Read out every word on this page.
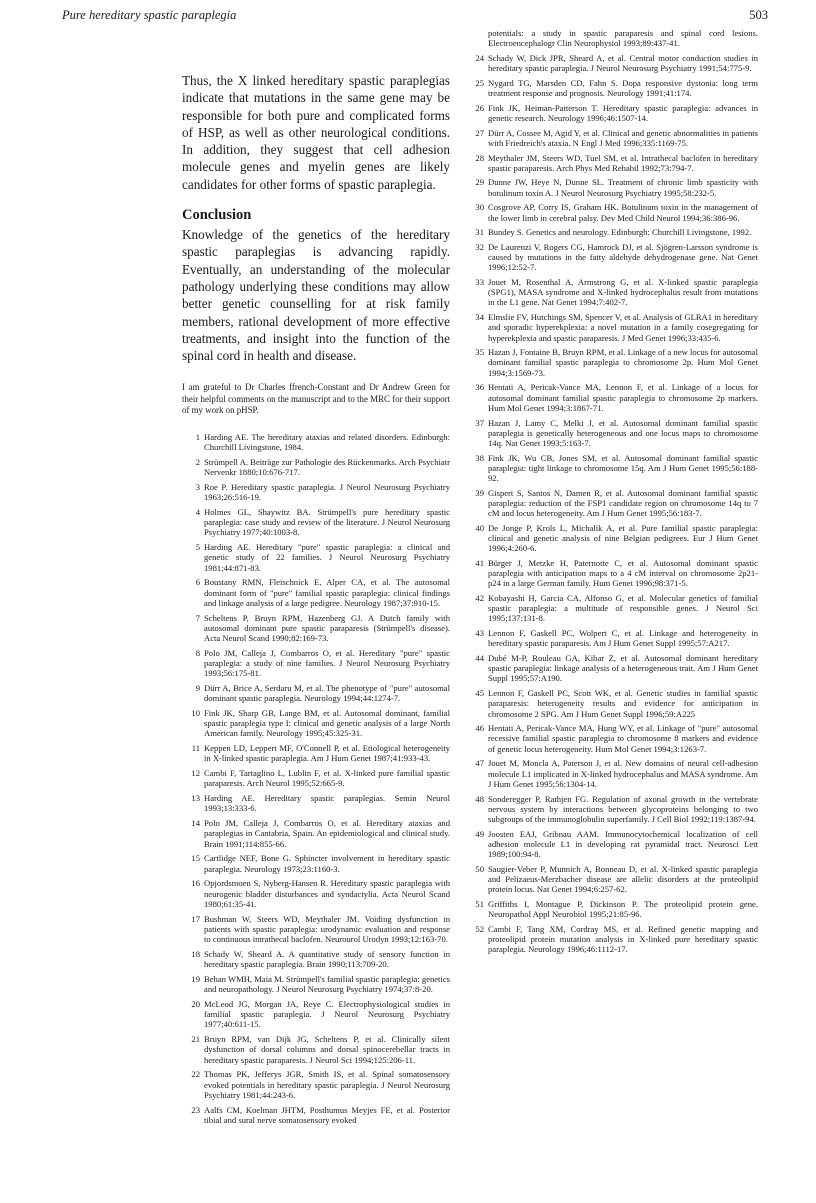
Pure hereditary spastic paraplegia	503

Thus, the X linked hereditary spastic paraplegias indicate that mutations in the same gene may be responsible for both pure and complicated forms of HSP, as well as other neurological conditions. In addition, they suggest that cell adhesion molecule genes and myelin genes are likely candidates for other forms of spastic paraplegia.

Conclusion

Knowledge of the genetics of the hereditary spastic paraplegias is advancing rapidly. Eventually, an understanding of the molecular pathology underlying these conditions may allow better genetic counselling for at risk family members, rational development of more effective treatments, and insight into the function of the spinal cord in health and disease.

I am grateful to Dr Charles ffrench-Constant and Dr Andrew Green for their helpful comments on the manuscript and to the MRC for their support of my work on pHSP.

1 Harding AE. The hereditary ataxias and related disorders. Edinburgh: Churchill Livingstone, 1984.
2 Strümpell A. Beiträge zur Pathologie des Rückenmarks. Arch Psychiatr Nervenkr 1880;10:676-717.
3 Roe P. Hereditary spastic paraplegia. J Neurol Neurosurg Psychiatry 1963;26:516-19.
4 Holmes GL, Shaywitz BA. Strümpell's pure hereditary spastic paraplegia: case study and review of the literature. J Neurol Neurosurg Psychiatry 1977;40:1003-8.
5 Harding AE. Hereditary "pure" spastic paraplegia: a clinical and genetic study of 22 families. J Neurol Neurosurg Psychiatry 1981;44:871-83.
6 Boustany RMN, Fleischnick E, Alper CA, et al. The autosomal dominant form of "pure" familial spastic paraplegia: clinical findings and linkage analysis of a large pedigree. Neurology 1987;37:910-15.
7 Scheltens P, Bruyn RPM, Hazenberg GJ. A Dutch family with autosomal dominant pure spastic paraparesis (Strümpell's disease). Acta Neurol Scand 1990;82:169-73.
8 Polo JM, Calleja J, Combarros O, et al. Hereditary "pure" spastic paraplegia: a study of nine families. J Neurol Neurosurg Psychiatry 1993;56:175-81.
9 Dürr A, Brice A, Serdaru M, et al. The phenotype of "pure" autosomal dominant spastic paraplegia. Neurology 1994;44:1274-7.
10 Fink JK, Sharp GB, Lange BM, et al. Autosomal dominant, familial spastic paraplegia type I: clinical and genetic analysis of a large North American family. Neurology 1995;45:325-31.
11 Keppen LD, Leppert MF, O'Connell P, et al. Etiological heterogeneity in X-linked spastic paraplegia. Am J Hum Genet 1987;41:933-43.
12 Cambi F, Tartaglino L, Lublin F, et al. X-linked pure familial spastic paraparesis. Arch Neurol 1995;52:665-9.
13 Harding AE. Hereditary spastic paraplegias. Semin Neurol 1993;13:333-6.
14 Polo JM, Calleja J, Combarros O, et al. Hereditary ataxias and paraplegias in Cantabria, Spain. An epidemiological and clinical study. Brain 1991;114:855-66.
15 Cartlidge NEF, Bone G. Sphincter involvement in hereditary spastic paraplegia. Neurology 1973;23:1160-3.
16 Opjordsmoen S, Nyberg-Hansen R. Hereditary spastic paraplegia with neurogenic bladder disturbances and syndactylia. Acta Neurol Scand 1980;61:35-41.
17 Bushman W, Steers WD, Meythaler JM. Voiding dysfunction in patients with spastic paraplegia: urodynamic evaluation and response to continuous intrathecal baclofen. Neurourol Urodyn 1993;12:163-70.
18 Schady W, Sheard A. A quantitative study of sensory function in hereditary spastic paraplegia. Brain 1990;113:709-20.
19 Behan WMH, Maia M. Strümpell's familial spastic paraplegia: genetics and neuropathology. J Neurol Neurosurg Psychiatry 1974;37:8-20.
20 McLeod JG, Morgan JA, Reye C. Electrophysiological studies in familial spastic paraplegia. J Neurol Neurosurg Psychiatry 1977;40:611-15.
21 Bruyn RPM, van Dijk JG, Scheltens P, et al. Clinically silent dysfunction of dorsal columns and dorsal spinocerebellar tracts in hereditary spastic paraparesis. J Neurol Sci 1994;125:206-11.
22 Thomas PK, Jefferys JGR, Smith IS, et al. Spinal somatosensory evoked potentials in hereditary spastic paraplegia. J Neurol Neurosurg Psychiatry 1981;44:243-6.
23 Aalfs CM, Koelman JHTM, Posthumus Meyjes FE, et al. Posterior tibial and sural nerve somatosensory evoked
potentials: a study in spastic paraparesis and spinal cord lesions. Electroencephalogr Clin Neurophysiol 1993;89:437-41.
24 Schady W, Dick JPR, Sheard A, et al. Central motor conduction studies in hereditary spastic paraplegia. J Neurol Neurosurg Psychiatry 1991;54:775-9.
25 Nygard TG, Marsden CD, Fahn S. Dopa responsive dystonia: long term treatment response and prognosis. Neurology 1991;41:174.
26 Fink JK, Heiman-Patterson T. Hereditary spastic paraplegia: advances in genetic research. Neurology 1996;46:1507-14.
27 Dürr A, Cossee M, Agid Y, et al. Clinical and genetic abnormalities in patients with Friedreich's ataxia. N Engl J Med 1996;335:1169-75.
28 Meythaler JM, Steers WD, Tuel SM, et al. Intrathecal baclofen in hereditary spastic paraparesis. Arch Phys Med Rehabil 1992;73:794-7.
29 Dunne JW, Heye N, Dunne SL. Treatment of chronic limb spasticity with botulinum toxin A. J Neurol Neurosurg Psychiatry 1995;58:232-5.
30 Cosgrove AP, Corry IS, Graham HK. Botulinum toxin in the management of the lower limb in cerebral palsy. Dev Med Child Neurol 1994;36:386-96.
31 Bundey S. Genetics and neurology. Edinburgh: Churchill Livingstone, 1992.
32 De Laurenzi V, Rogers CG, Hamrock DJ, et al. Sjögren-Larsson syndrome is caused by mutations in the fatty aldehyde dehydrogenase gene. Nat Genet 1996;12:52-7.
33 Jouet M, Rosenthal A, Armstrong G, et al. X-linked spastic paraplegia (SPG1), MASA syndrome and X-linked hydrocephalus result from mutations in the L1 gene. Nat Genet 1994;7:402-7.
34 Elmslie FV, Hutchings SM, Spencer V, et al. Analysis of GLRA1 in hereditary and sporadic hyperekplexia: a novel mutation in a family cosegregating for hyperekplexia and spastic paraparesis. J Med Genet 1996;33:435-6.
35 Hazan J, Fontaine B, Bruyn RPM, et al. Linkage of a new locus for autosomal dominant familial spastic paraplegia to chromosome 2p. Hum Mol Genet 1994;3:1569-73.
36 Hentati A, Pericak-Vance MA, Lennon F, et al. Linkage of a locus for autosomal dominant familial spastic paraplegia to chromosome 2p markers. Hum Mol Genet 1994;3:1867-71.
37 Hazan J, Lamy C, Melki J, et al. Autosomal dominant familial spastic paraplegia is genetically heterogeneous and one locus maps to chromosome 14q. Nat Genet 1993;5:163-7.
38 Fink JK, Wu CB, Jones SM, et al. Autosomal dominant familial spastic paraplegia: tight linkage to chromosome 15q. Am J Hum Genet 1995;56:188-92.
39 Gispert S, Santos N, Damen R, et al. Autosomal dominant familial spastic paraplegia: reduction of the FSP1 candidate region on chromosome 14q to 7 cM and locus heterogeneity. Am J Hum Genet 1995;56:183-7.
40 De Jonge P, Krols L, Michalik A, et al. Pure familial spastic paraplegia: clinical and genetic analysis of nine Belgian pedigrees. Eur J Hum Genet 1996;4:260-6.
41 Bürger J, Metzke H, Paternotte C, et al. Autosomal dominant spastic paraplegia with anticipation maps to a 4 cM interval on chromosome 2p21-p24 in a large German family. Hum Genet 1996;98:371-5.
42 Kobayashi H, Garcia CA, Alfonso G, et al. Molecular genetics of familial spastic paraplegia: a multitude of responsible genes. J Neurol Sci 1995;137:131-8.
43 Lennon F, Gaskell PC, Wolpert C, et al. Linkage and heterogeneity in hereditary spastic paraparesis. Am J Hum Genet Suppl 1995;57:A217.
44 Dubé M-P, Rouleau GA, Kibar Z, et al. Autosomal dominant hereditary spastic paraplegia: linkage analysis of a heterogeneous trait. Am J Hum Genet Suppl 1995;57:A190.
45 Lennon F, Gaskell PC, Scott WK, et al. Genetic studies in familial spastic paraparesis: heterogeneity results and evidence for anticipation in chromosome 2 SPG. Am J Hum Genet Suppl 1996;59:A225
46 Hentati A, Pericak-Vance MA, Hung WY, et al. Linkage of "pure" autosomal recessive familial spastic paraplegia to chromosome 8 markers and evidence of genetic locus heterogeneity. Hum Mol Genet 1994;3:1263-7.
47 Jouet M, Moncla A, Paterson J, et al. New domains of neural cell-adhesion molecule L1 implicated in X-linked hydrocephalus and MASA syndrome. Am J Hum Genet 1995;56:1304-14.
48 Sonderegger P, Rathjen FG. Regulation of axonal growth in the vertebrate nervous system by interactions between glycoproteins belonging to two subgroups of the immunoglobulin superfamily. J Cell Biol 1992;119:1387-94.
49 Joosten EAJ, Gribnau AAM. Immunocytochemical localization of cell adhesion molecule L1 in developing rat pyramidal tract. Neurosci Lett 1989;100:94-8.
50 Saugier-Veber P, Munnich A, Bonneau D, et al. X-linked spastic paraplegia and Pelizaeus-Merzbacher disease are allelic disorders at the proteolipid protein locus. Nat Genet 1994;6:257-62.
51 Griffiths I, Montague P, Dickinson P. The proteolipid protein gene. Neuropathol Appl Neurobiol 1995;21:85-96.
52 Cambi F, Tang XM, Cordray MS, et al. Refined genetic mapping and proteolipid protein mutation analysis in X-linked pure hereditary spastic paraplegia. Neurology 1996;46:1112-17.
